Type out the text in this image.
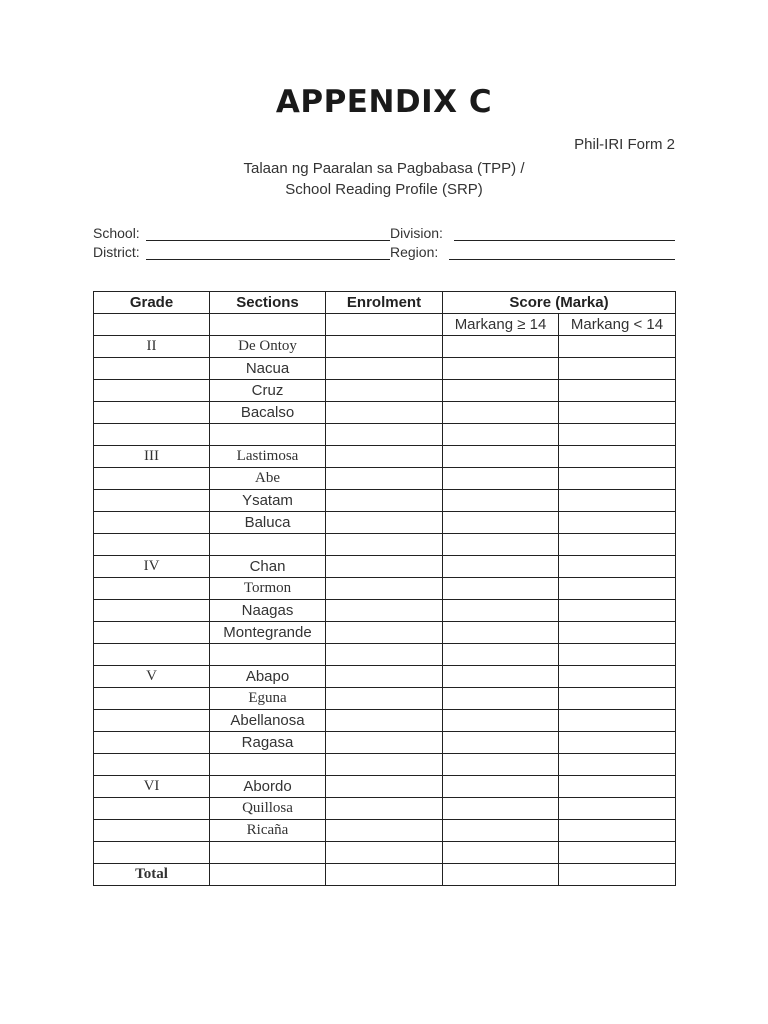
APPENDIX C
Phil-IRI Form 2
Talaan ng Paaralan sa Pagbabasa (TPP) /
School Reading Profile (SRP)
School:	Division:
District:	Region:
Grade	Sections	Enrolment	Score (Marka)	
			Markang ≥ 14	Markang < 14
II	De Ontoy			
	Nacua			
	Cruz			
	Bacalso			

III	Lastimosa			
	Abe			
	Ysatam			
	Baluca			

IV	Chan			
	Tormon			
	Naagas			
	Montegrande			

V	Abapo			
	Eguna			
	Abellanosa			
	Ragasa			

VI	Abordo			
	Quillosa			
	Ricaña			

Total				
